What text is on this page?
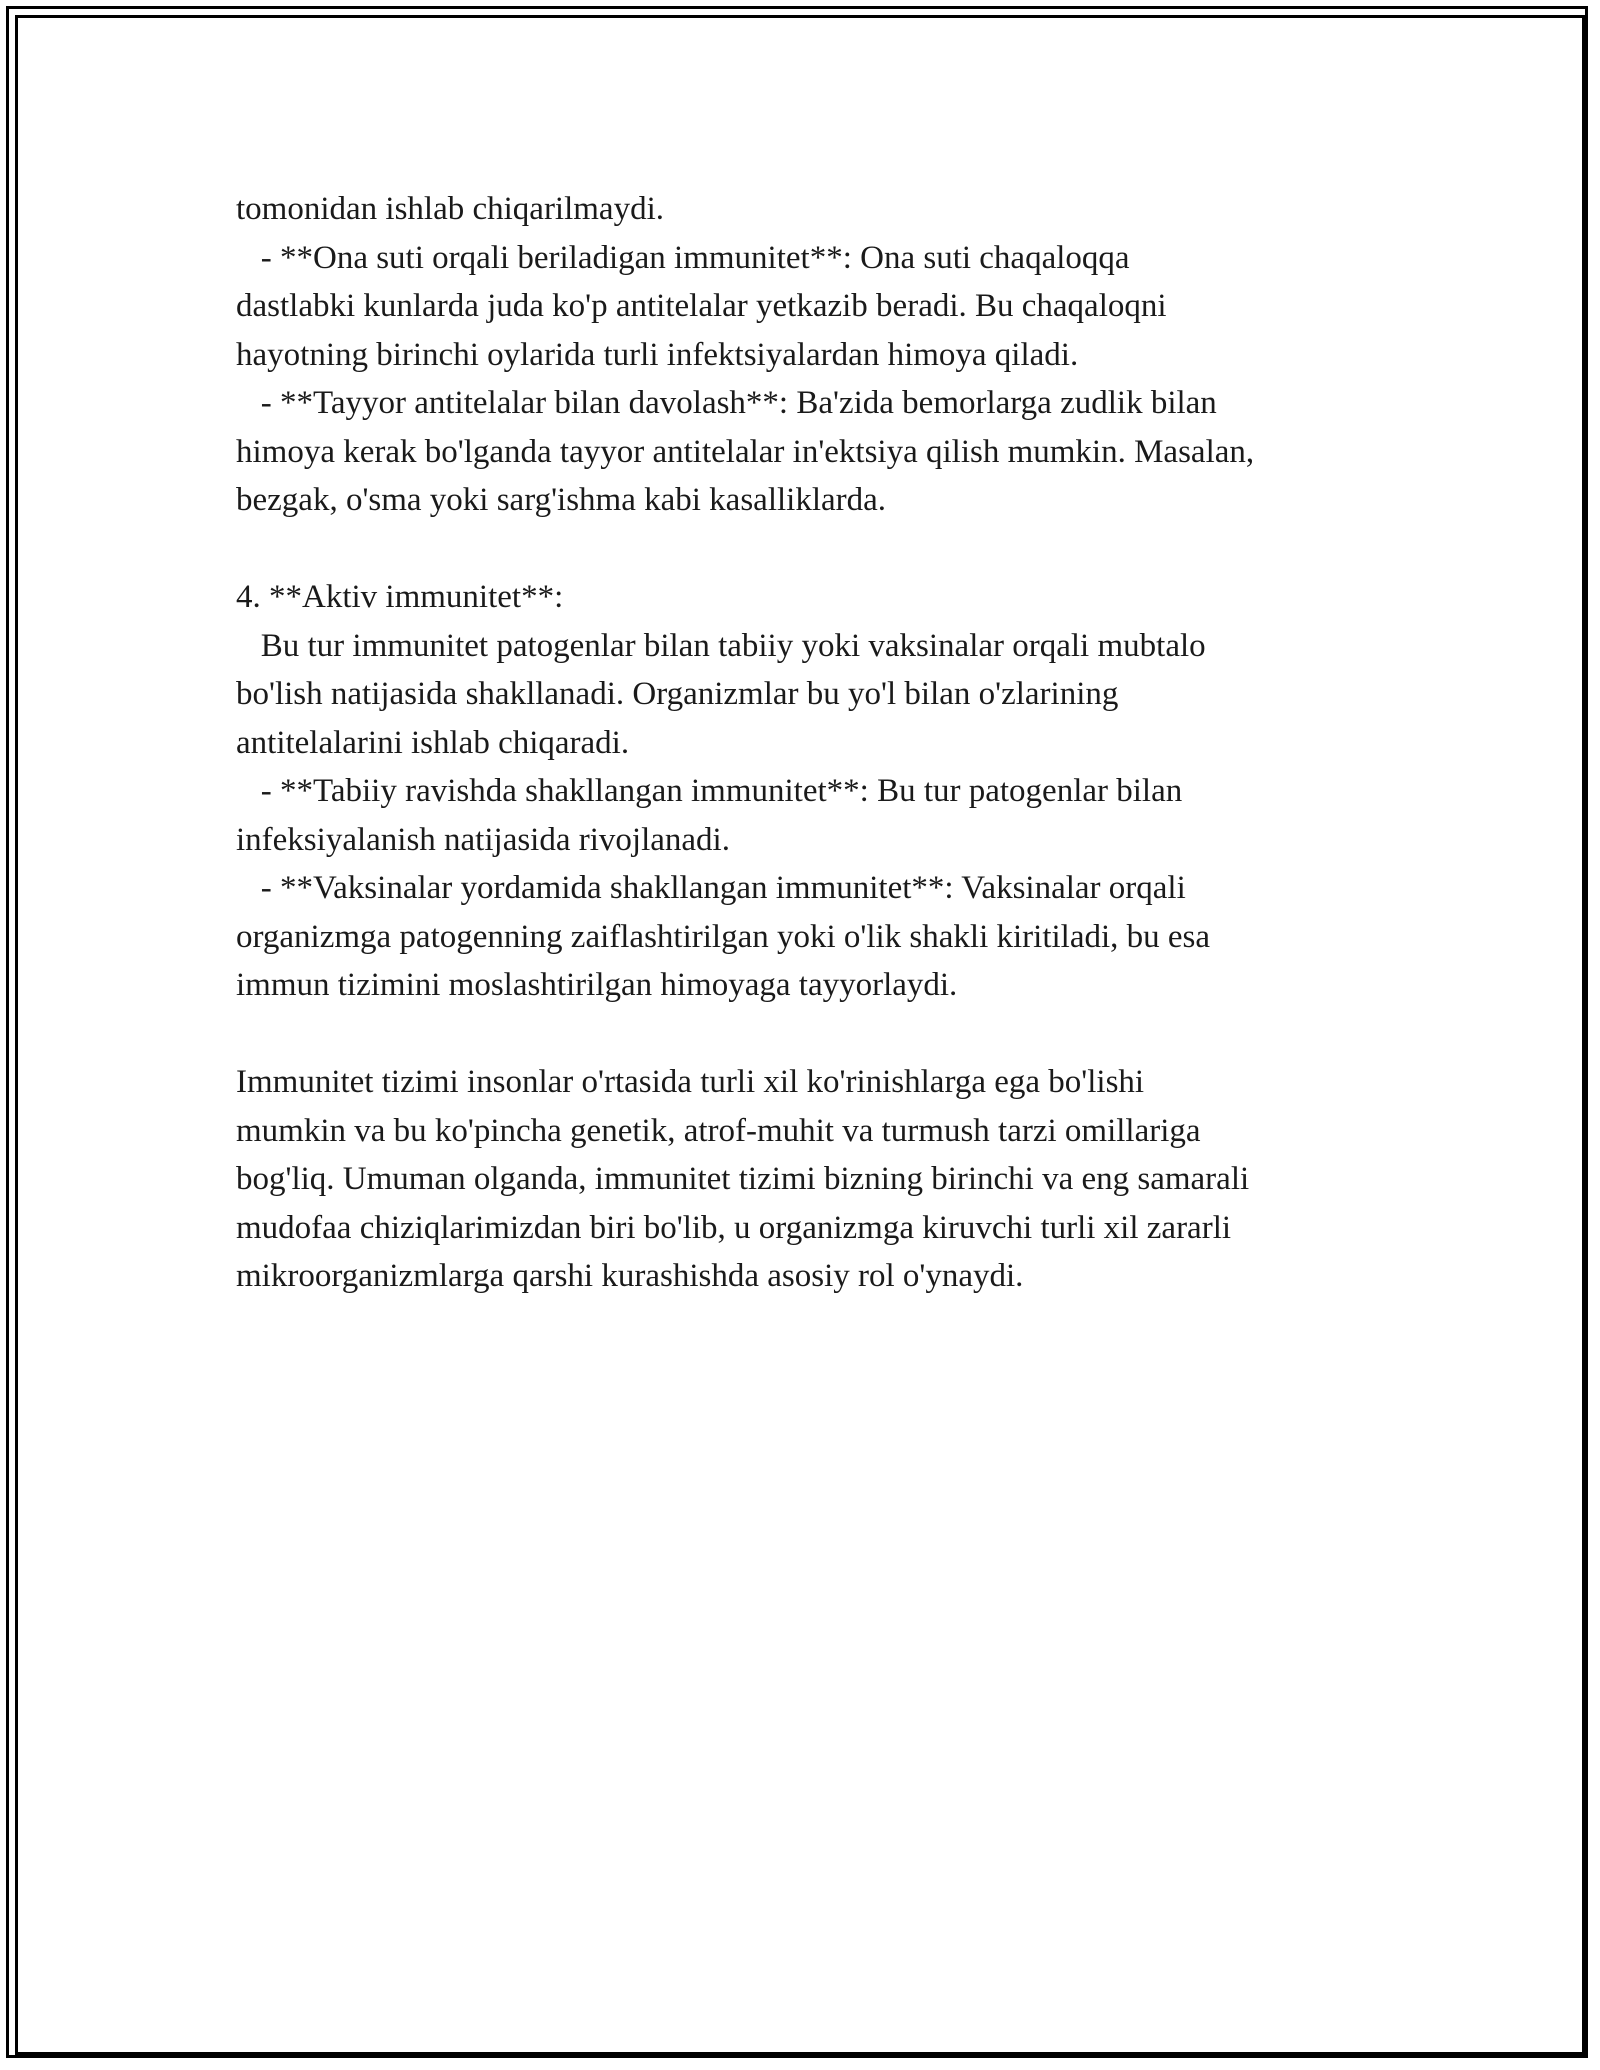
tomonidan ishlab chiqarilmaydi.

- **Ona suti orqali beriladigan immunitet**: Ona suti chaqaloqqa

dastlabki kunlarda juda ko'p antitelalar yetkazib beradi. Bu chaqaloqni

hayotning birinchi oylarida turli infektsiyalardan himoya qiladi.

- **Tayyor antitelalar bilan davolash**: Ba'zida bemorlarga zudlik bilan

himoya kerak bo'lganda tayyor antitelalar in'ektsiya qilish mumkin. Masalan,

bezgak, o'sma yoki sarg'ishma kabi kasalliklarda.

4. **Aktiv immunitet**:

Bu tur immunitet patogenlar bilan tabiiy yoki vaksinalar orqali mubtalo

bo'lish natijasida shakllanadi. Organizmlar bu yo'l bilan o'zlarining

antitelalarini ishlab chiqaradi.

- **Tabiiy ravishda shakllangan immunitet**: Bu tur patogenlar bilan

infeksiyalanish natijasida rivojlanadi.

- **Vaksinalar yordamida shakllangan immunitet**: Vaksinalar orqali

organizmga patogenning zaiflashtirilgan yoki o'lik shakli kiritiladi, bu esa

immun tizimini moslashtirilgan himoyaga tayyorlaydi.

Immunitet tizimi insonlar o'rtasida turli xil ko'rinishlarga ega bo'lishi

mumkin va bu ko'pincha genetik, atrof-muhit va turmush tarzi omillariga

bog'liq. Umuman olganda, immunitet tizimi bizning birinchi va eng samarali

mudofaa chiziqlarimizdan biri bo'lib, u organizmga kiruvchi turli xil zararli

mikroorganizmlarga qarshi kurashishda asosiy rol o'ynaydi.
